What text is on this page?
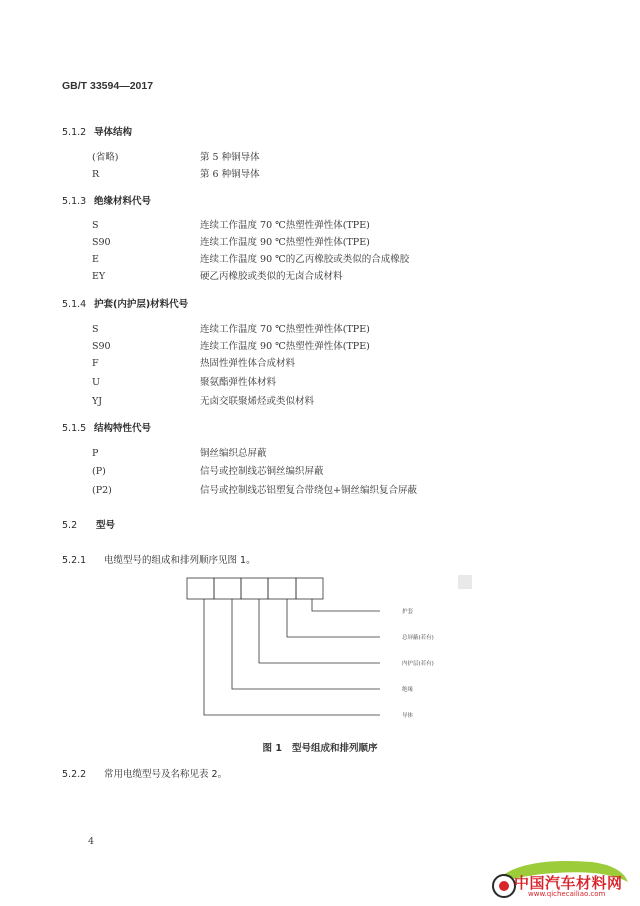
GB/T 33594—2017
5.1.2 导体结构
(省略)	第 5 种铜导体
R	第 6 种铜导体
5.1.3 绝缘材料代号
S	连续工作温度 70 ℃热塑性弹性体(TPE)
S90	连续工作温度 90 ℃热塑性弹性体(TPE)
E	连续工作温度 90 ℃的乙丙橡胶或类似的合成橡胶
EY	硬乙丙橡胶或类似的无卤合成材料
5.1.4 护套(内护层)材料代号
S	连续工作温度 70 ℃热塑性弹性体(TPE)
S90	连续工作温度 90 ℃热塑性弹性体(TPE)
F	热固性弹性体合成材料
U	聚氨酯弹性体材料
YJ	无卤交联聚烯烃或类似材料
5.1.5 结构特性代号
P	铜丝编织总屏蔽
(P)	信号或控制线芯铜丝编织屏蔽
(P2)	信号或控制线芯铝塑复合带绕包+铜丝编织复合屏蔽
5.2 型号
5.2.1 电缆型号的组成和排列顺序见图 1。
护套
总屏蔽(若有)
内护层(若有)
绝缘
导体
图 1 型号组成和排列顺序
5.2.2 常用电缆型号及名称见表 2。
4
中国汽车材料网
www.qichecailiao.com
